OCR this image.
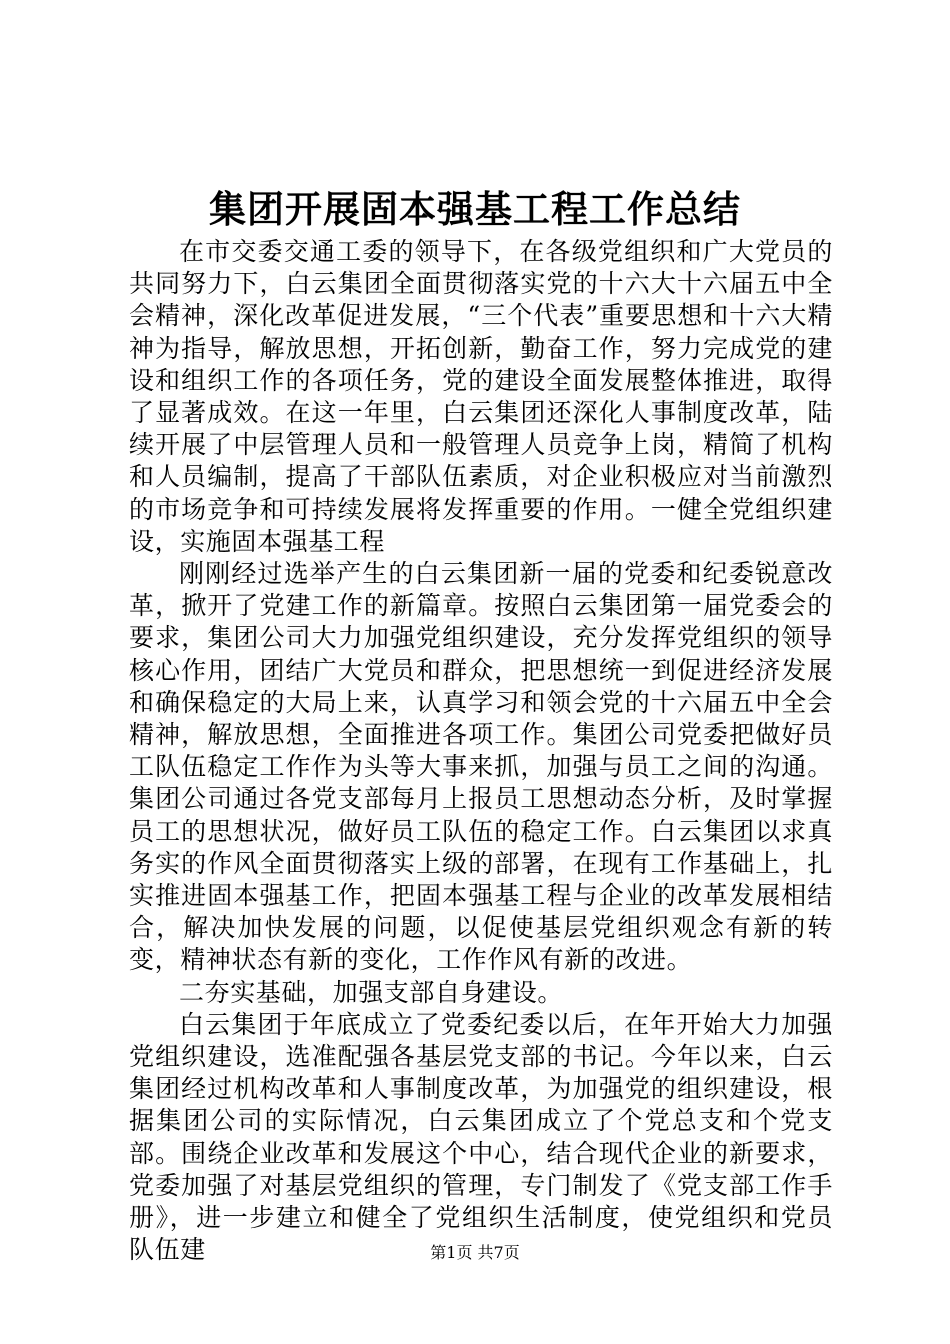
集团开展固本强基工程工作总结

在市交委交通工委的领导下，在各级党组织和广大党员的共同努力下，白云集团全面贯彻落实党的十六大十六届五中全会精神，深化改革促进发展，“三个代表”重要思想和十六大精神为指导，解放思想，开拓创新，勤奋工作，努力完成党的建设和组织工作的各项任务，党的建设全面发展整体推进，取得了显著成效。在这一年里，白云集团还深化人事制度改革，陆续开展了中层管理人员和一般管理人员竞争上岗，精简了机构和人员编制，提高了干部队伍素质，对企业积极应对当前激烈的市场竞争和可持续发展将发挥重要的作用。一健全党组织建设，实施固本强基工程

刚刚经过选举产生的白云集团新一届的党委和纪委锐意改革，掀开了党建工作的新篇章。按照白云集团第一届党委会的要求，集团公司大力加强党组织建设，充分发挥党组织的领导核心作用，团结广大党员和群众，把思想统一到促进经济发展和确保稳定的大局上来，认真学习和领会党的十六届五中全会精神，解放思想，全面推进各项工作。集团公司党委把做好员工队伍稳定工作作为头等大事来抓，加强与员工之间的沟通。集团公司通过各党支部每月上报员工思想动态分析，及时掌握员工的思想状况，做好员工队伍的稳定工作。白云集团以求真务实的作风全面贯彻落实上级的部署，在现有工作基础上，扎实推进固本强基工作，把固本强基工程与企业的改革发展相结合，解决加快发展的问题，以促使基层党组织观念有新的转变，精神状态有新的变化，工作作风有新的改进。

二夯实基础，加强支部自身建设。

白云集团于年底成立了党委纪委以后，在年开始大力加强党组织建设，选准配强各基层党支部的书记。今年以来，白云集团经过机构改革和人事制度改革，为加强党的组织建设，根据集团公司的实际情况，白云集团成立了个党总支和个党支部。围绕企业改革和发展这个中心，结合现代企业的新要求，党委加强了对基层党组织的管理，专门制发了《党支部工作手册》，进一步建立和健全了党组织生活制度，使党组织和党员队伍建	第1页 共7页
